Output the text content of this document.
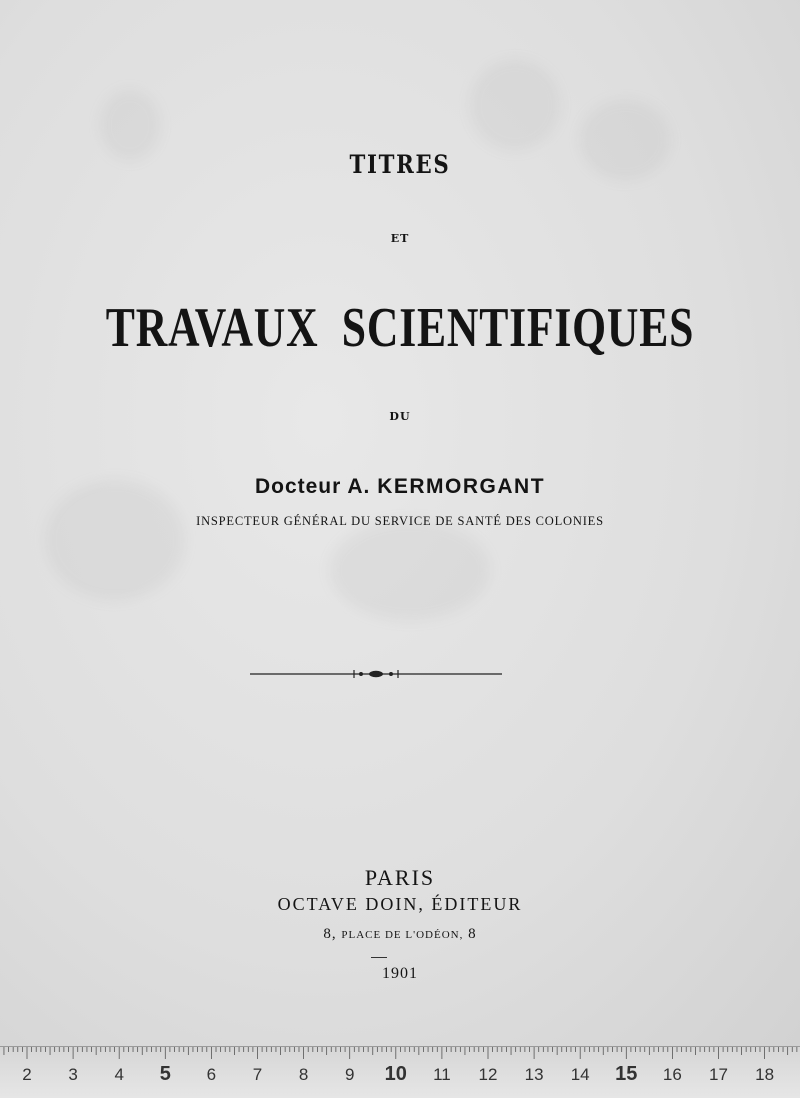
TITRES
ET
TRAVAUX  SCIENTIFIQUES
DU
Docteur A. KERMORGANT
INSPECTEUR GÉNÉRAL DU SERVICE DE SANTÉ DES COLONIES
PARIS
OCTAVE DOIN, ÉDITEUR
8, PLACE DE L'ODÉON, 8
1901
2 3 4 5 6 7 8 9 10 11 12 13 14 15 16 17 18
